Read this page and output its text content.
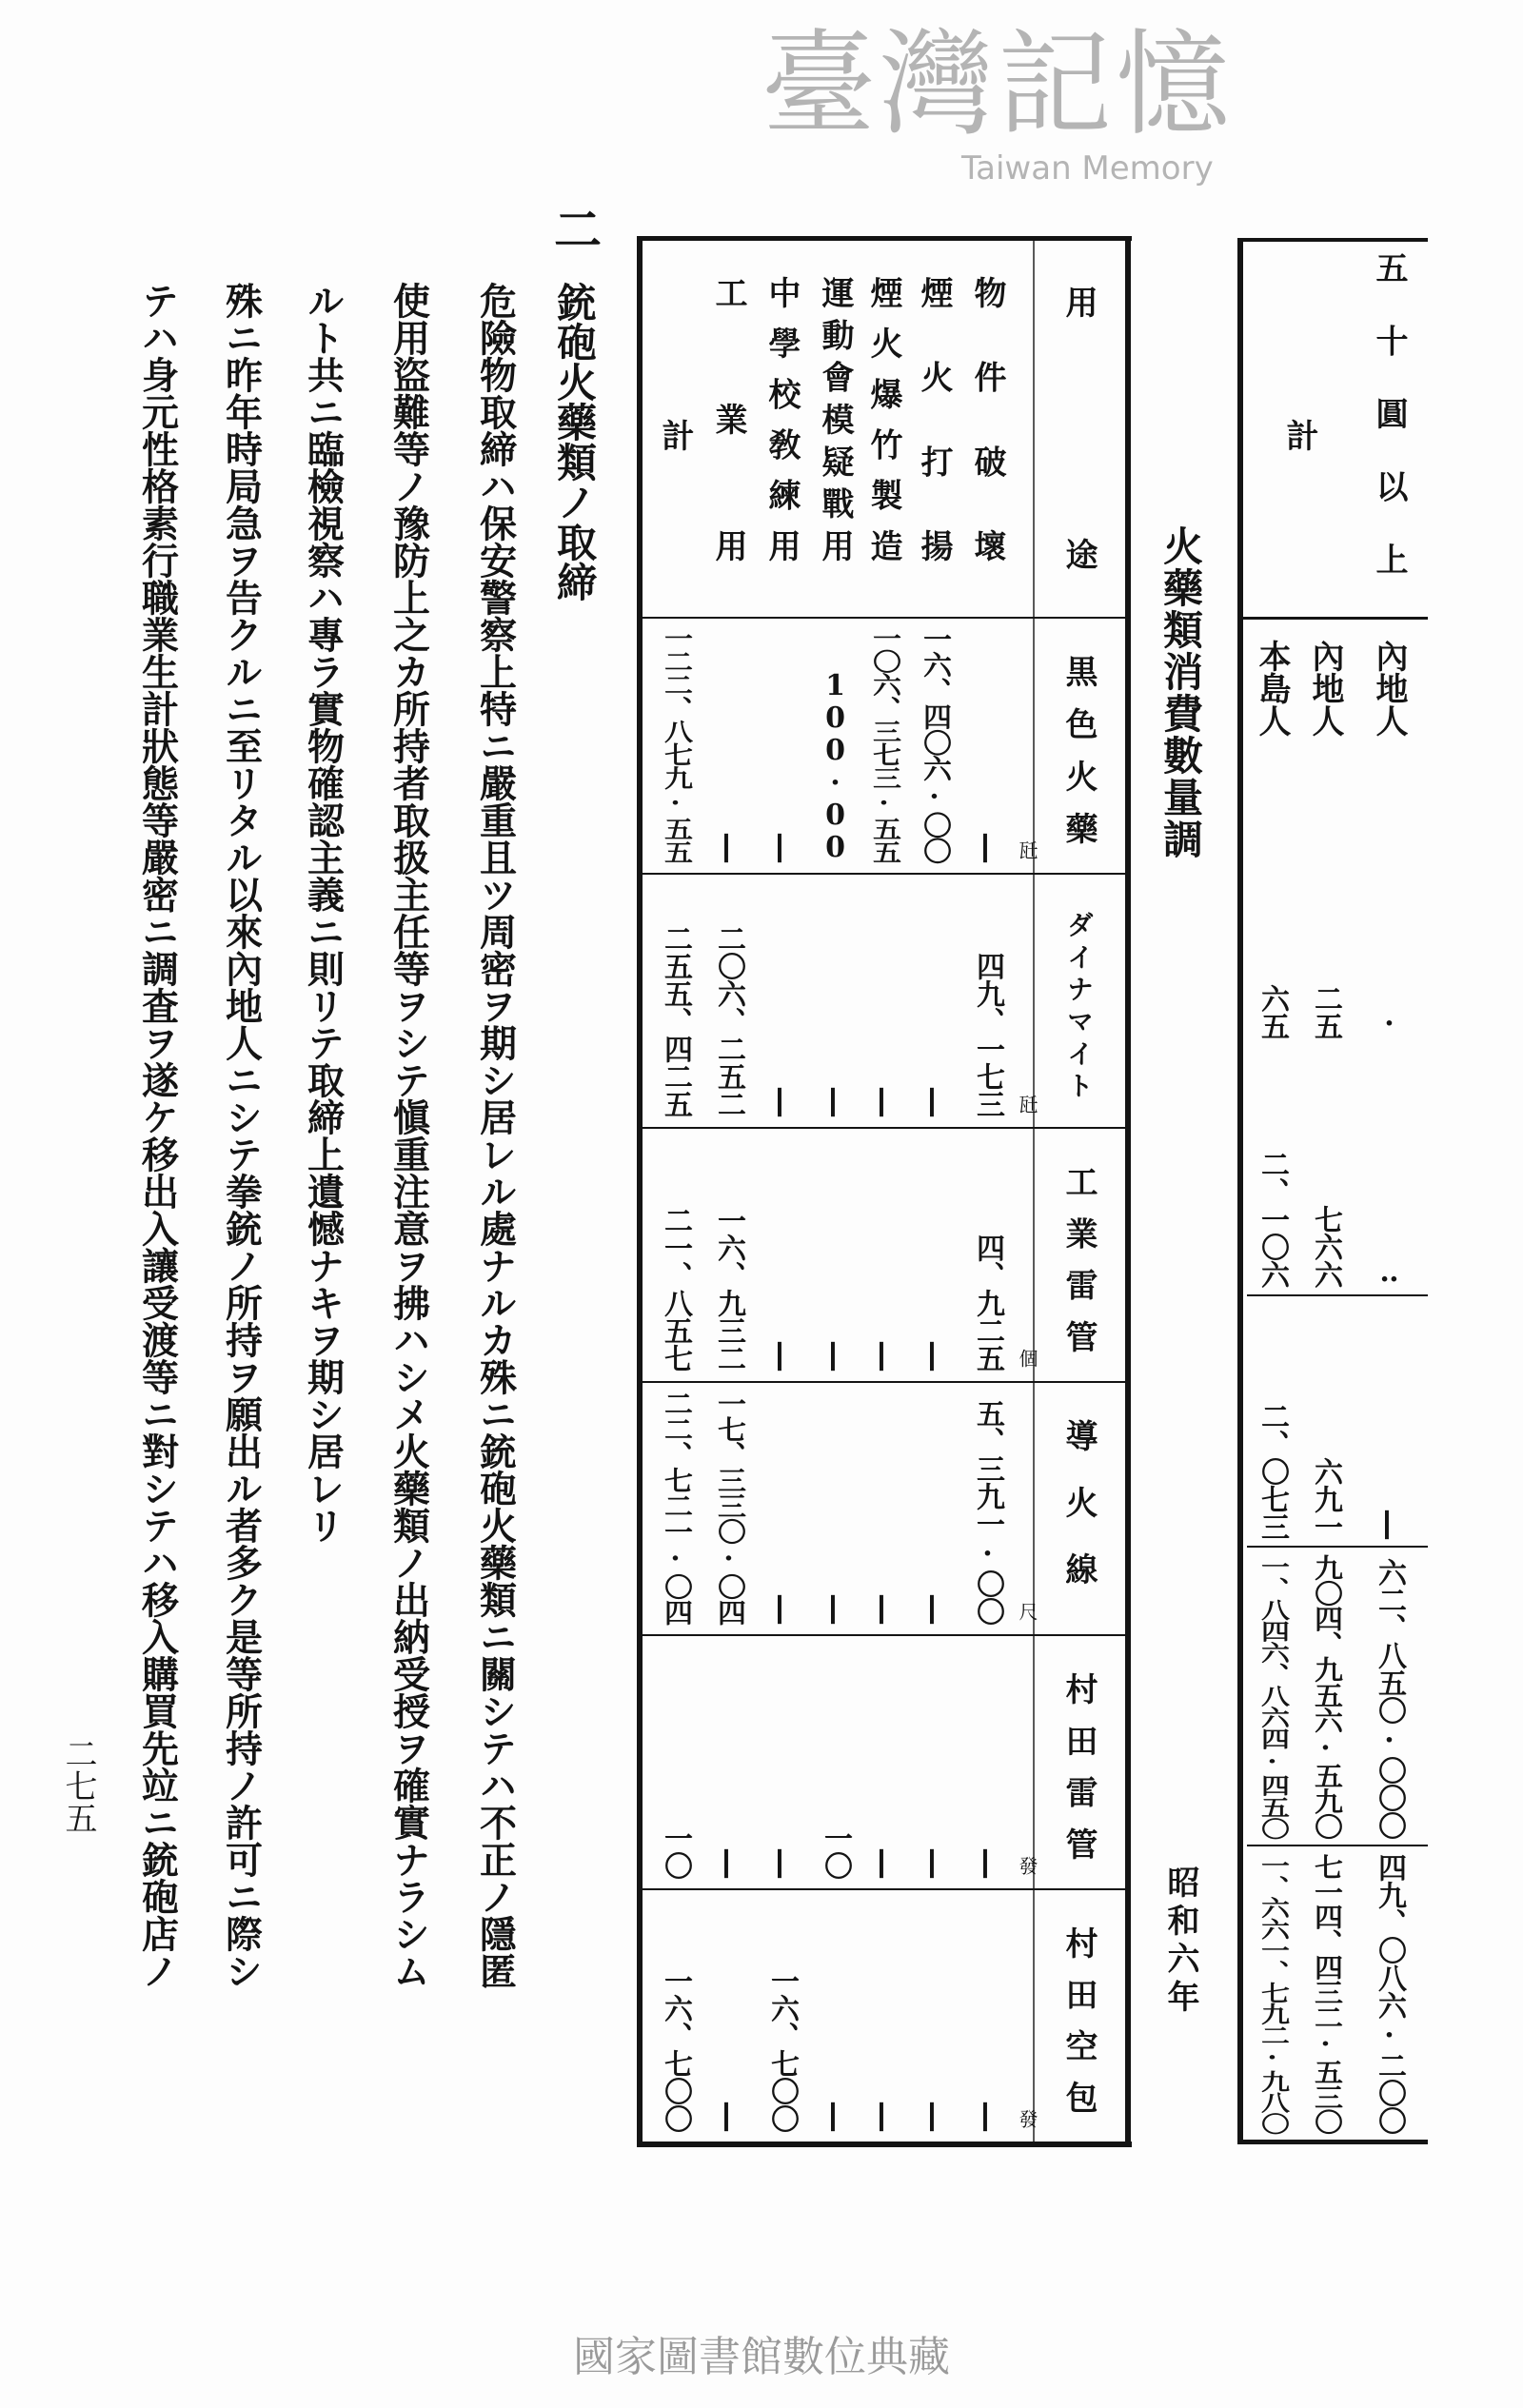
五十圓以上
計
內地人
內地人
本島人
·
二五
六五
‥
七六六
二、一〇六
—
六九一
二、〇七三
六二、八五〇·〇〇〇
九〇四、九五六·五九〇
一、八四六、八六四·四五〇
四九、〇八六·二〇〇
七一四、四三二·五三〇
一、六六一、七九二·九八〇
火藥類消費數量調
昭和六年
用
途
物件破壞
煙火打揚
煙火爆竹製造
運動會模疑戰用
中學校敎練用
工業用
計
黒色火藥
瓩
—
一六、四〇六·〇〇
一〇六、三七三·五五
100·00
—
—
一二二、八七九·五五
ダイナマイト
瓩
四九、一七三
—
—
—
—
二〇六、二五二
二五五、四二五
工業雷管
個
四、九二五
—
—
—
—
一六、九三二
二一、八五七
導火線
尺
五、三九一·〇〇
—
—
—
—
一七、三三〇·〇四
二二、七二一·〇四
村田雷管
發
—
—
—
一〇
—
—
一〇
村田空包
發
—
—
—
—
一六、七〇〇
—
一六、七〇〇
臺灣記憶
Taiwan Memory
二
銃砲火藥類ノ取締
危險物取締ハ保安警察上特ニ嚴重且ツ周密ヲ期シ居レル處ナルカ殊ニ銃砲火藥類ニ關シテハ不正ノ隱匿
使用盜難等ノ豫防上之カ所持者取扱主任等ヲシテ愼重注意ヲ拂ハシメ火藥類ノ出納受授ヲ確實ナラシム
ルト共ニ臨檢視察ハ專ラ實物確認主義ニ則リテ取締上遺憾ナキヲ期シ居レリ
殊ニ昨年時局急ヲ告クルニ至リタル以來內地人ニシテ拳銃ノ所持ヲ願出ル者多ク是等所持ノ許可ニ際シ
テハ身元性格素行職業生計狀態等嚴密ニ調査ヲ遂ケ移出入讓受渡等ニ對シテハ移入購買先竝ニ銃砲店ノ
二七五
國家圖書館數位典藏
